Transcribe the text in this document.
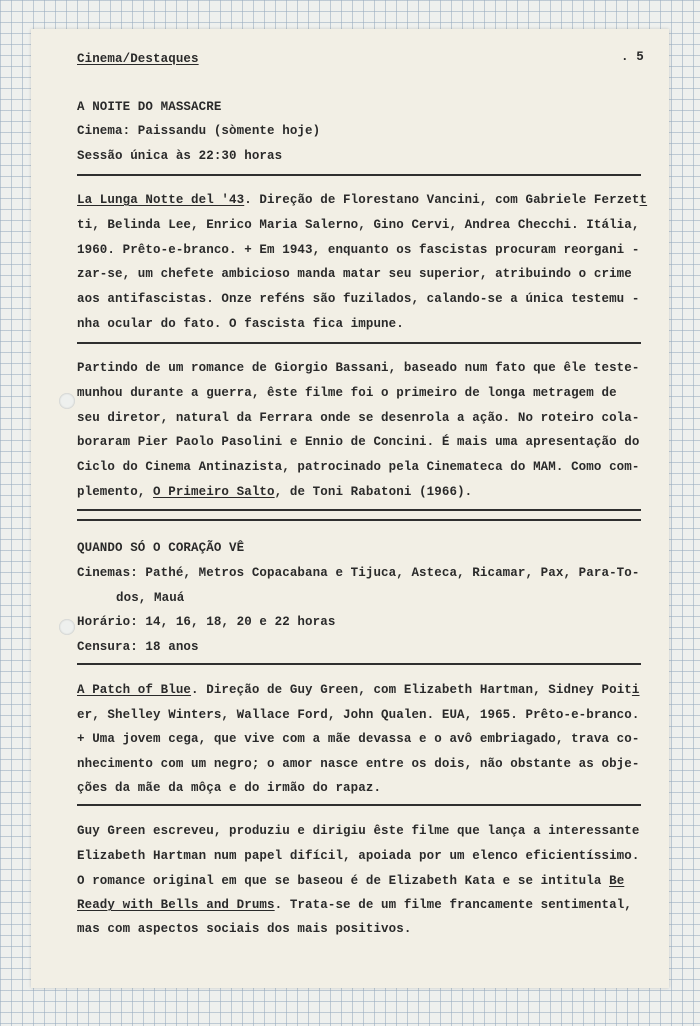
Cinema/Destaques	. 5
A NOITE DO MASSACRE
Cinema: Paissandu (sòmente hoje)
Sessão única às 22:30 horas
La Lunga Notte del '43. Direção de Florestano Vancini, com Gabriele Ferzett
ti, Belinda Lee, Enrico Maria Salerno, Gino Cervi, Andrea Checchi. Itália,
1960. Prêto-e-branco. + Em 1943, enquanto os fascistas procuram reorgani -
zar-se, um chefete ambicioso manda matar seu superior, atribuindo o crime
aos antifascistas. Onze reféns são fuzilados, calando-se a única testemu -
nha ocular do fato. O fascista fica impune.
Partindo de um romance de Giorgio Bassani, baseado num fato que êle teste-
munhou durante a guerra, êste filme foi o primeiro de longa metragem de
seu diretor, natural da Ferrara onde se desenrola a ação. No roteiro cola-
boraram Pier Paolo Pasolini e Ennio de Concini. É mais uma apresentação do
Ciclo do Cinema Antinazista, patrocinado pela Cinemateca do MAM. Como com-
plemento, O Primeiro Salto, de Toni Rabatoni (1966).
QUANDO SÓ O CORAÇÃO VÊ
Cinemas: Pathé, Metros Copacabana e Tijuca, Asteca, Ricamar, Pax, Para-To-
dos, Mauá
Horário: 14, 16, 18, 20 e 22 horas
Censura: 18 anos
A Patch of Blue. Direção de Guy Green, com Elizabeth Hartman, Sidney Poiti
er, Shelley Winters, Wallace Ford, John Qualen. EUA, 1965. Prêto-e-branco.
+ Uma jovem cega, que vive com a mãe devassa e o avô embriagado, trava co-
nhecimento com um negro; o amor nasce entre os dois, não obstante as obje-
ções da mãe da môça e do irmão do rapaz.
Guy Green escreveu, produziu e dirigiu êste filme que lança a interessante
Elizabeth Hartman num papel difícil, apoiada por um elenco eficientíssimo.
O romance original em que se baseou é de Elizabeth Kata e se intitula Be
Ready with Bells and Drums. Trata-se de um filme francamente sentimental,
mas com aspectos sociais dos mais positivos.
